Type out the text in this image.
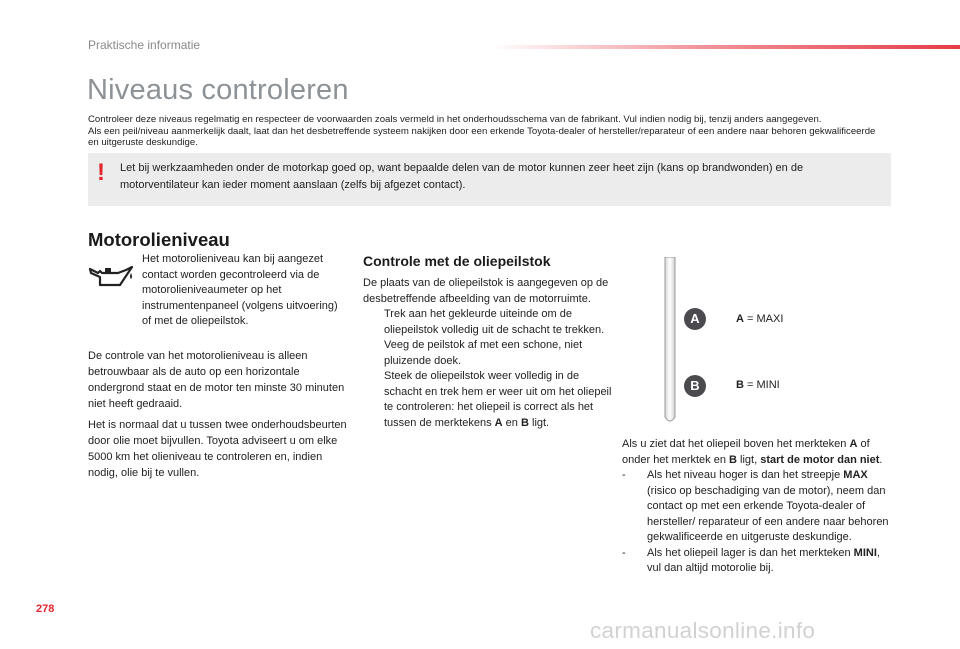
Praktische informatie
Niveaus controleren

Controleer deze niveaus regelmatig en respecteer de voorwaarden zoals vermeld in het onderhoudsschema van de fabrikant. Vul indien nodig bij, tenzij anders aangegeven.

Als een peil/niveau aanmerkelijk daalt, laat dan het desbetreffende systeem nakijken door een erkende Toyota-dealer of hersteller/reparateur of een andere naar behoren gekwalificeerde en uitgeruste deskundige.

! Let bij werkzaamheden onder de motorkap goed op, want bepaalde delen van de motor kunnen zeer heet zijn (kans op brandwonden) en de motorventilateur kan ieder moment aanslaan (zelfs bij afgezet contact).
Motorolieniveau
Het motorolieniveau kan bij aangezet contact worden gecontroleerd via de motorolieniveaumeter op het instrumentenpaneel (volgens uitvoering) of met de oliepeilstok.
De controle van het motorolieniveau is alleen betrouwbaar als de auto op een horizontale ondergrond staat en de motor ten minste 30 minuten niet heeft gedraaid.
Het is normaal dat u tussen twee onderhoudsbeurten door olie moet bijvullen. Toyota adviseert u om elke 5000 km het olieniveau te controleren en, indien nodig, olie bij te vullen.
Controle met de oliepeilstok
De plaats van de oliepeilstok is aangegeven op de desbetreffende afbeelding van de motorruimte.
Trek aan het gekleurde uiteinde om de oliepeilstok volledig uit de schacht te trekken.
Veeg de peilstok af met een schone, niet pluizende doek.
Steek de oliepeilstok weer volledig in de schacht en trek hem er weer uit om het oliepeil te controleren: het oliepeil is correct als het tussen de merktekens A en B ligt.
A
B
A = MAXI
B = MINI
Als u ziet dat het oliepeil boven het merkteken A of onder het merktek en B ligt, start de motor dan niet.
- Als het niveau hoger is dan het streepje MAX (risico op beschadiging van de motor), neem dan contact op met een erkende Toyota-dealer of hersteller/ reparateur of een andere naar behoren gekwalificeerde en uitgeruste deskundige.
- Als het oliepeil lager is dan het merkteken MINI, vul dan altijd motorolie bij.
278
carmanualsonline.info
